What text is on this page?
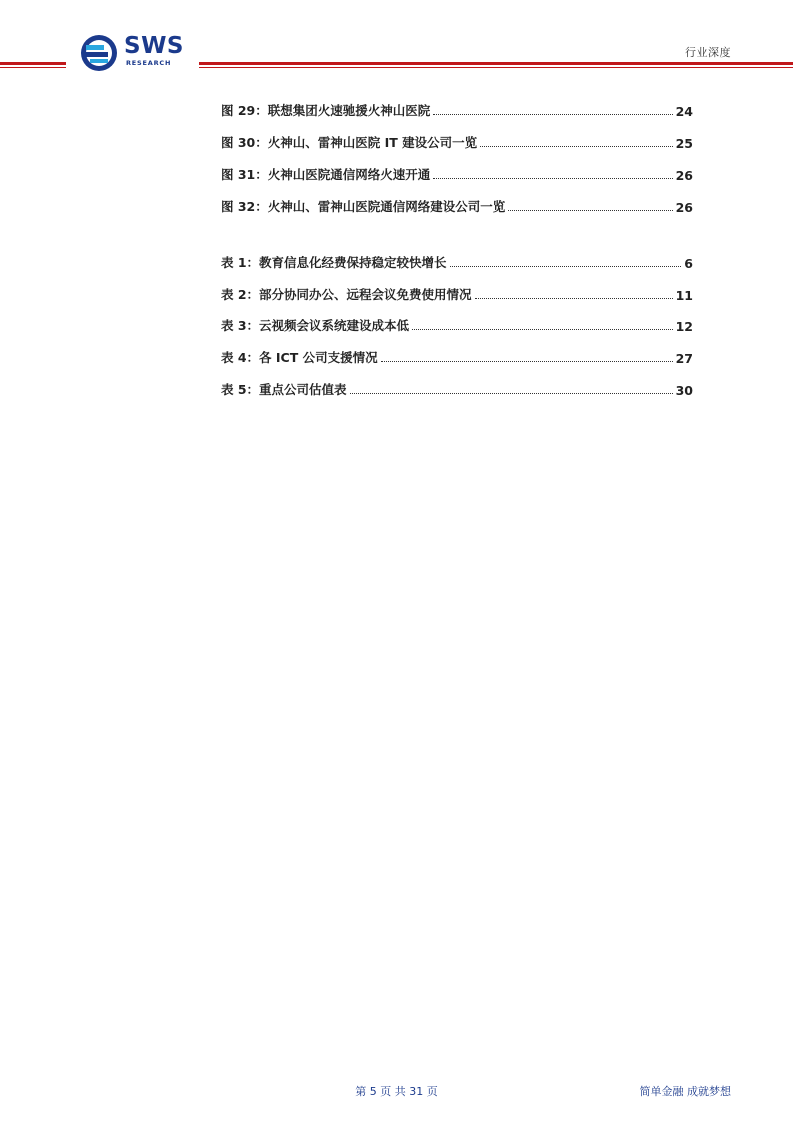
SWS
RESEARCH
行业深度
图 29：联想集团火速驰援火神山医院	24
图 30：火神山、雷神山医院 IT 建设公司一览	25
图 31：火神山医院通信网络火速开通	26
图 32：火神山、雷神山医院通信网络建设公司一览	26
表 1：教育信息化经费保持稳定较快增长	6
表 2：部分协同办公、远程会议免费使用情况	11
表 3：云视频会议系统建设成本低	12
表 4：各 ICT 公司支援情况	27
表 5：重点公司估值表	30
第 5 页 共 31 页	简单金融 成就梦想
